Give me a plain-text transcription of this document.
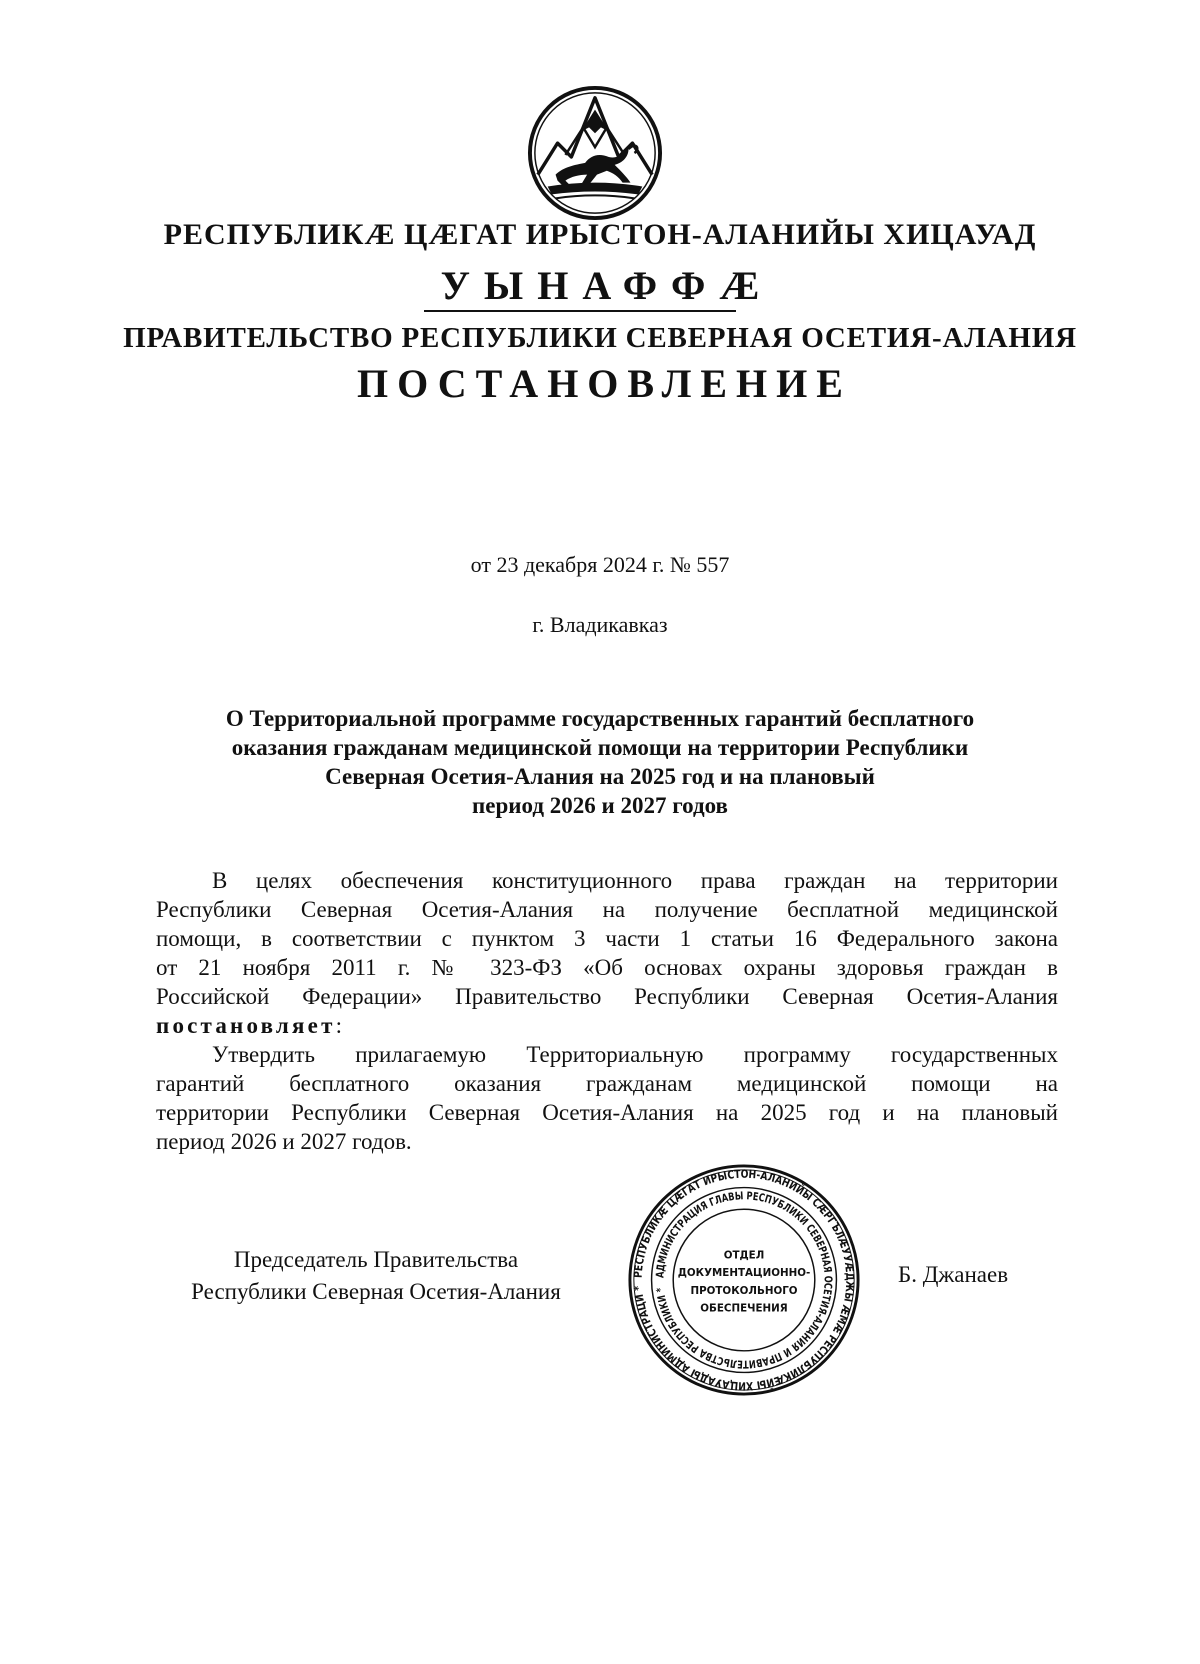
РЕСПУБЛИКÆ ЦÆГАТ ИРЫСТОН-АЛАНИЙЫ ХИЦАУАД
УЫНАФФÆ
ПРАВИТЕЛЬСТВО РЕСПУБЛИКИ СЕВЕРНАЯ ОСЕТИЯ-АЛАНИЯ
ПОСТАНОВЛЕНИЕ
от 23 декабря 2024 г. № 557
г. Владикавказ
О Территориальной программе государственных гарантий бесплатного
оказания гражданам медицинской помощи на территории Республики
Северная Осетия-Алания на 2025 год и на плановый
период 2026 и 2027 годов
В целях обеспечения конституционного права граждан на территории
Республики Северная Осетия-Алания на получение бесплатной медицинской
помощи, в соответствии с пунктом 3 части 1 статьи 16 Федерального закона
от 21 ноября 2011 г. № 323-ФЗ «Об основах охраны здоровья граждан в
Российской Федерации» Правительство Республики Северная Осетия-Алания
постановляет:
Утвердить прилагаемую Территориальную программу государственных
гарантий бесплатного оказания гражданам медицинской помощи на
территории Республики Северная Осетия-Алания на 2025 год и на плановый
период 2026 и 2027 годов.
Председатель Правительства
Республики Северная Осетия-Алания
РЕСПУБЛИКÆ ЦÆГАТ ИРЫСТОН-АЛАНИЙЫ СÆРГЪЛÆУУÆДЖЫ ÆМÆ РЕСПУБЛИКÆЙЫ ХИЦАУАДЫ АДМИНИСТРАЦИ *
АДМИНИСТРАЦИЯ ГЛАВЫ РЕСПУБЛИКИ СЕВЕРНАЯ ОСЕТИЯ-АЛАНИЯ И ПРАВИТЕЛЬСТВА РЕСПУБЛИКИ *
ОТДЕЛ
ДОКУМЕНТАЦИОННО-
ПРОТОКОЛЬНОГО
ОБЕСПЕЧЕНИЯ
Б. Джанаев
